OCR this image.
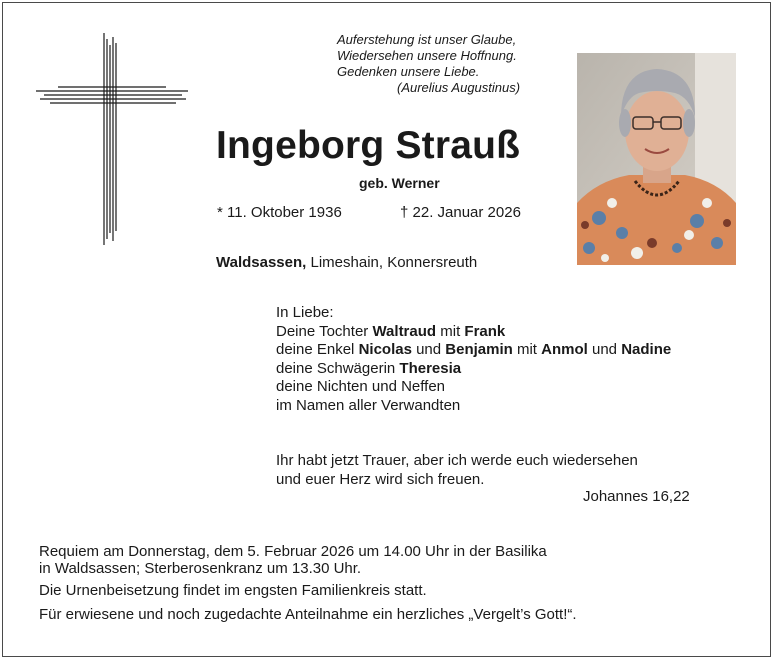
Auferstehung ist unser Glaube,
Wiedersehen unsere Hoffnung.
Gedenken unsere Liebe.
(Aurelius Augustinus)
Ingeborg Strauß
geb. Werner
* 11. Oktober 1936	† 22. Januar 2026
Waldsassen, Limeshain, Konnersreuth
In Liebe:
Deine Tochter Waltraud mit Frank
deine Enkel Nicolas und Benjamin mit Anmol und Nadine
deine Schwägerin Theresia
deine Nichten und Neffen
im Namen aller Verwandten
Ihr habt jetzt Trauer, aber ich werde euch wiedersehen
und euer Herz wird sich freuen.
Johannes 16,22
Requiem am Donnerstag, dem 5. Februar 2026 um 14.00 Uhr in der Basilika
in Waldsassen; Sterberosenkranz um 13.30 Uhr.
Die Urnenbeisetzung findet im engsten Familienkreis statt.
Für erwiesene und noch zugedachte Anteilnahme ein herzliches „Vergelt’s Gott!“.
